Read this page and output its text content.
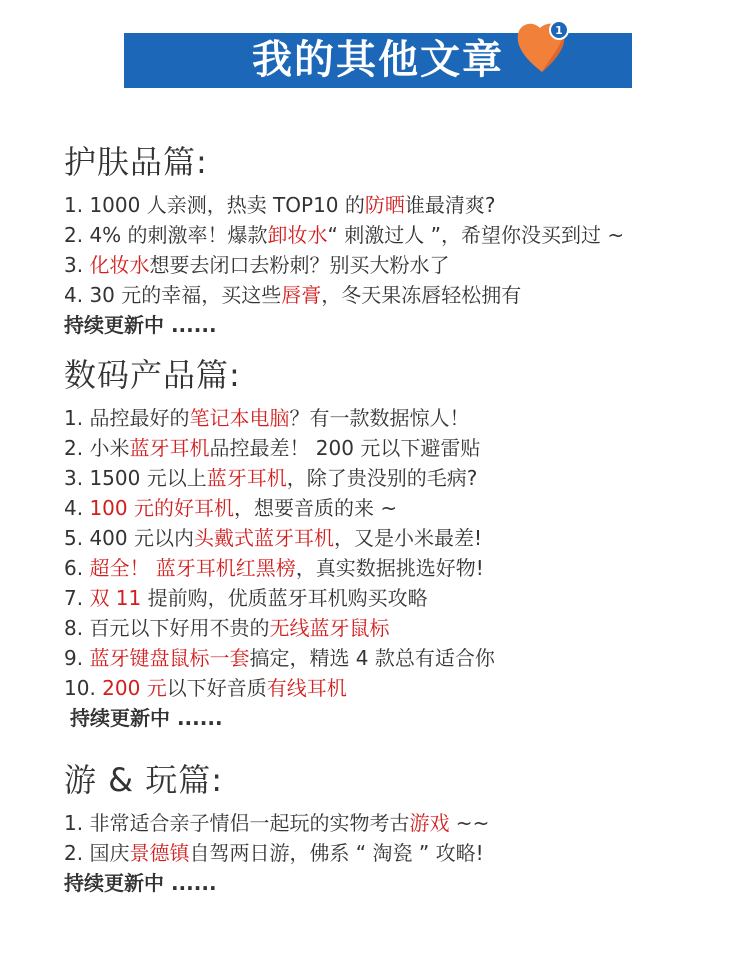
我的其他文章
1
护肤品篇:
1. 1000 人亲测，热卖 TOP10 的防晒谁最清爽?
2. 4% 的刺激率！爆款卸妆水“ 刺激过人 ”，希望你没买到过 ~
3. 化妆水想要去闭口去粉刺？别买大粉水了
4. 30 元的幸福，买这些唇膏，冬天果冻唇轻松拥有
持续更新中 ......
数码产品篇:
1. 品控最好的笔记本电脑？有一款数据惊人！
2. 小米蓝牙耳机品控最差！ 200 元以下避雷贴
3. 1500 元以上蓝牙耳机，除了贵没别的毛病?
4. 100 元的好耳机，想要音质的来 ~
5. 400 元以内头戴式蓝牙耳机，又是小米最差!
6. 超全！ 蓝牙耳机红黑榜，真实数据挑选好物!
7. 双 11 提前购，优质蓝牙耳机购买攻略
8. 百元以下好用不贵的无线蓝牙鼠标
9. 蓝牙键盘鼠标一套搞定，精选 4 款总有适合你
10. 200 元以下好音质有线耳机
持续更新中 ......
游 & 玩篇:
1. 非常适合亲子情侣一起玩的实物考古游戏 ~~
2. 国庆景德镇自驾两日游，佛系 “ 淘瓷 ” 攻略!
持续更新中 ......
